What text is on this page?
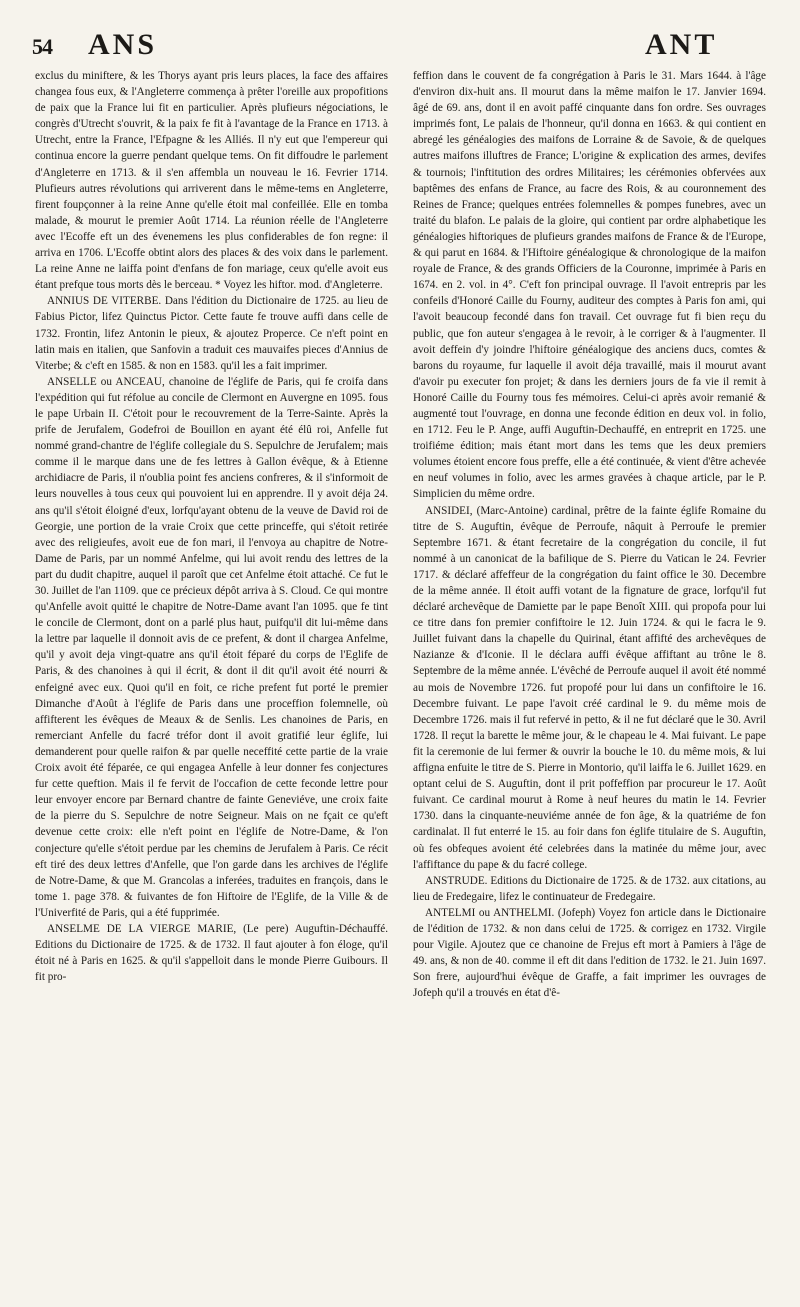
54 ANS	ANT

exclus du miniftere, & les Thorys ayant pris leurs places, la face des affaires changea fous eux, & l'Angleterre commença à prêter l'oreille aux propofitions de paix que la France lui fit en particulier. Après plufieurs négociations, le congrès d'Utrecht s'ouvrit, & la paix fe fit à l'avantage de la France en 1713. à Utrecht, entre la France, l'Efpagne & les Alliés. Il n'y eut que l'empereur qui continua encore la guerre pendant quelque tems. On fit diffoudre le parlement d'Angleterre en 1713. & il s'en affembla un nouveau le 16. Fevrier 1714. Plufieurs autres révolutions qui arriverent dans le même-tems en Angleterre, firent foupçonner à la reine Anne qu'elle étoit mal confeillée. Elle en tomba malade, & mourut le premier Août 1714. La réunion réelle de l'Angleterre avec l'Ecoffe eft un des évenemens les plus confiderables de fon regne: il arriva en 1706. L'Ecoffe obtint alors des places & des voix dans le parlement. La reine Anne ne laiffa point d'enfans de fon mariage, ceux qu'elle avoit eus étant prefque tous morts dès le berceau. * Voyez les hiftor. mod. d'Angleterre.

ANNIUS DE VITERBE. Dans l'édition du Dictionaire de 1725. au lieu de Fabius Pictor, lifez Quinctus Pictor. Cette faute fe trouve auffi dans celle de 1732. Frontin, lifez Antonin le pieux, & ajoutez Properce. Ce n'eft point en latin mais en italien, que Sanfovin a traduit ces mauvaifes pieces d'Annius de Viterbe; & c'eft en 1585. & non en 1583. qu'il les a fait imprimer.

ANSELLE ou ANCEAU, chanoine de l'églife de Paris, qui fe croifa dans l'expédition qui fut réfolue au concile de Clermont en Auvergne en 1095. fous le pape Urbain II. C'étoit pour le recouvrement de la Terre-Sainte. Après la prife de Jerufalem, Godefroi de Bouillon en ayant été élû roi, Anfelle fut nommé grand-chantre de l'églife collegiale du S. Sepulchre de Jerufalem; mais comme il le marque dans une de fes lettres à Gallon évêque, & à Etienne archidiacre de Paris, il n'oublia point fes anciens confreres, & il s'informoit de leurs nouvelles à tous ceux qui pouvoient lui en apprendre. Il y avoit déja 24. ans qu'il s'étoit éloigné d'eux, lorfqu'ayant obtenu de la veuve de David roi de Georgie, une portion de la vraie Croix que cette princeffe, qui s'étoit retirée avec des religieufes, avoit eue de fon mari, il l'envoya au chapitre de Notre-Dame de Paris, par un nommé Anfelme, qui lui avoit rendu des lettres de la part du dudit chapitre, auquel il paroît que cet Anfelme étoit attaché. Ce fut le 30. Juillet de l'an 1109. que ce précieux dépôt arriva à S. Cloud. Ce qui montre qu'Anfelle avoit quitté le chapitre de Notre-Dame avant l'an 1095. que fe tint le concile de Clermont, dont on a parlé plus haut, puifqu'il dit lui-même dans la lettre par laquelle il donnoit avis de ce prefent, & dont il chargea Anfelme, qu'il y avoit deja vingt-quatre ans qu'il étoit féparé du corps de l'Eglife de Paris, & des chanoines à qui il écrit, & dont il dit qu'il avoit été nourri & enfeigné avec eux. Quoi qu'il en foit, ce riche prefent fut porté le premier Dimanche d'Août à l'églife de Paris dans une proceffion folemnelle, où affifterent les évêques de Meaux & de Senlis. Les chanoines de Paris, en remerciant Anfelle du facré tréfor dont il avoit gratifié leur églife, lui demanderent pour quelle raifon & par quelle neceffité cette partie de la vraie Croix avoit été féparée, ce qui engagea Anfelle à leur donner fes conjectures fur cette queftion. Mais il fe fervit de l'occafion de cette feconde lettre pour leur envoyer encore par Bernard chantre de fainte Geneviéve, une croix faite de la pierre du S. Sepulchre de notre Seigneur. Mais on ne fçait ce qu'eft devenue cette croix: elle n'eft point en l'églife de Notre-Dame, & l'on conjecture qu'elle s'étoit perdue par les chemins de Jerufalem à Paris. Ce récit eft tiré des deux lettres d'Anfelle, que l'on garde dans les archives de l'églife de Notre-Dame, & que M. Grancolas a inferées, traduites en françois, dans le tome 1. page 378. & fuivantes de fon Hiftoire de l'Eglife, de la Ville & de l'Univerfité de Paris, qui a été fupprimée.

ANSELME DE LA VIERGE MARIE, (Le pere) Auguftin-Déchauffé. Editions du Dictionaire de 1725. & de 1732. Il faut ajouter à fon éloge, qu'il étoit né à Paris en 1625. & qu'il s'appelloit dans le monde Pierre Guibours. Il fit pro-

feffion dans le couvent de fa congrégation à Paris le 31. Mars 1644. à l'âge d'environ dix-huit ans. Il mourut dans la même maifon le 17. Janvier 1694. âgé de 69. ans, dont il en avoit paffé cinquante dans fon ordre. Ses ouvrages imprimés font, Le palais de l'honneur, qu'il donna en 1663. & qui contient en abregé les généalogies des maifons de Lorraine & de Savoie, & de quelques autres maifons illuftres de France; L'origine & explication des armes, devifes & tournois; l'inftitution des ordres Militaires; les cérémonies obfervées aux baptêmes des enfans de France, au facre des Rois, & au couronnement des Reines de France; quelques entrées folemnelles & pompes funebres, avec un traité du blafon. Le palais de la gloire, qui contient par ordre alphabetique les généalogies hiftoriques de plufieurs grandes maifons de France & de l'Europe, & qui parut en 1684. & l'Hiftoire généalogique & chronologique de la maifon royale de France, & des grands Officiers de la Couronne, imprimée à Paris en 1674. en 2. vol. in 4°. C'eft fon principal ouvrage. Il l'avoit entrepris par les confeils d'Honoré Caille du Fourny, auditeur des comptes à Paris fon ami, qui l'avoit beaucoup fecondé dans fon travail. Cet ouvrage fut fi bien reçu du public, que fon auteur s'engagea à le revoir, à le corriger & à l'augmenter. Il avoit deffein d'y joindre l'hiftoire généalogique des anciens ducs, comtes & barons du royaume, fur laquelle il avoit déja travaillé, mais il mourut avant d'avoir pu executer fon projet; & dans les derniers jours de fa vie il remit à Honoré Caille du Fourny tous fes mémoires. Celui-ci après avoir remanié & augmenté tout l'ouvrage, en donna une feconde édition en deux vol. in folio, en 1712. Feu le P. Ange, auffi Auguftin-Dechauffé, en entreprit en 1725. une troifiéme édition; mais étant mort dans les tems que les deux premiers volumes étoient encore fous preffe, elle a été continuée, & vient d'être achevée en neuf volumes in folio, avec les armes gravées à chaque article, par le P. Simplicien du même ordre.

ANSIDEI, (Marc-Antoine) cardinal, prêtre de la fainte églife Romaine du titre de S. Auguftin, évêque de Perroufe, nâquit à Perroufe le premier Septembre 1671. & étant fecretaire de la congrégation du concile, il fut nommé à un canonicat de la bafilique de S. Pierre du Vatican le 24. Fevrier 1717. & déclaré affeffeur de la congrégation du faint office le 30. Decembre de la même année. Il étoit auffi votant de la fignature de grace, lorfqu'il fut déclaré archevêque de Damiette par le pape Benoît XIII. qui propofa pour lui ce titre dans fon premier confiftoire le 12. Juin 1724. & qui le facra le 9. Juillet fuivant dans la chapelle du Quirinal, étant affifté des archevêques de Nazianze & d'Iconie. Il le déclara auffi évêque affiftant au trône le 8. Septembre de la même année. L'évêché de Perroufe auquel il avoit été nommé au mois de Novembre 1726. fut propofé pour lui dans un confiftoire le 16. Decembre fuivant. Le pape l'avoit créé cardinal le 9. du même mois de Decembre 1726. mais il fut refervé in petto, & il ne fut déclaré que le 30. Avril 1728. Il reçut la barette le même jour, & le chapeau le 4. Mai fuivant. Le pape fit la ceremonie de lui fermer & ouvrir la bouche le 10. du même mois, & lui affigna enfuite le titre de S. Pierre in Montorio, qu'il laiffa le 6. Juillet 1629. en optant celui de S. Auguftin, dont il prit poffeffion par procureur le 17. Août fuivant. Ce cardinal mourut à Rome à neuf heures du matin le 14. Fevrier 1730. dans la cinquante-neuviéme année de fon âge, & la quatriéme de fon cardinalat. Il fut enterré le 15. au foir dans fon églife titulaire de S. Auguftin, où fes obfeques avoient été celebrées dans la matinée du même jour, avec l'affiftance du pape & du facré college.

ANSTRUDE. Editions du Dictionaire de 1725. & de 1732. aux citations, au lieu de Fredegaire, lifez le continuateur de Fredegaire.

ANTELMI ou ANTHELMI. (Jofeph) Voyez fon article dans le Dictionaire de l'édition de 1732. & non dans celui de 1725. & corrigez en 1732. Virgile pour Vigile. Ajoutez que ce chanoine de Frejus eft mort à Pamiers à l'âge de 49. ans, & non de 40. comme il eft dit dans l'edition de 1732. le 21. Juin 1697. Son frere, aujourd'hui évêque de Graffe, a fait imprimer les ouvrages de Jofeph qu'il a trouvés en état d'ê-
